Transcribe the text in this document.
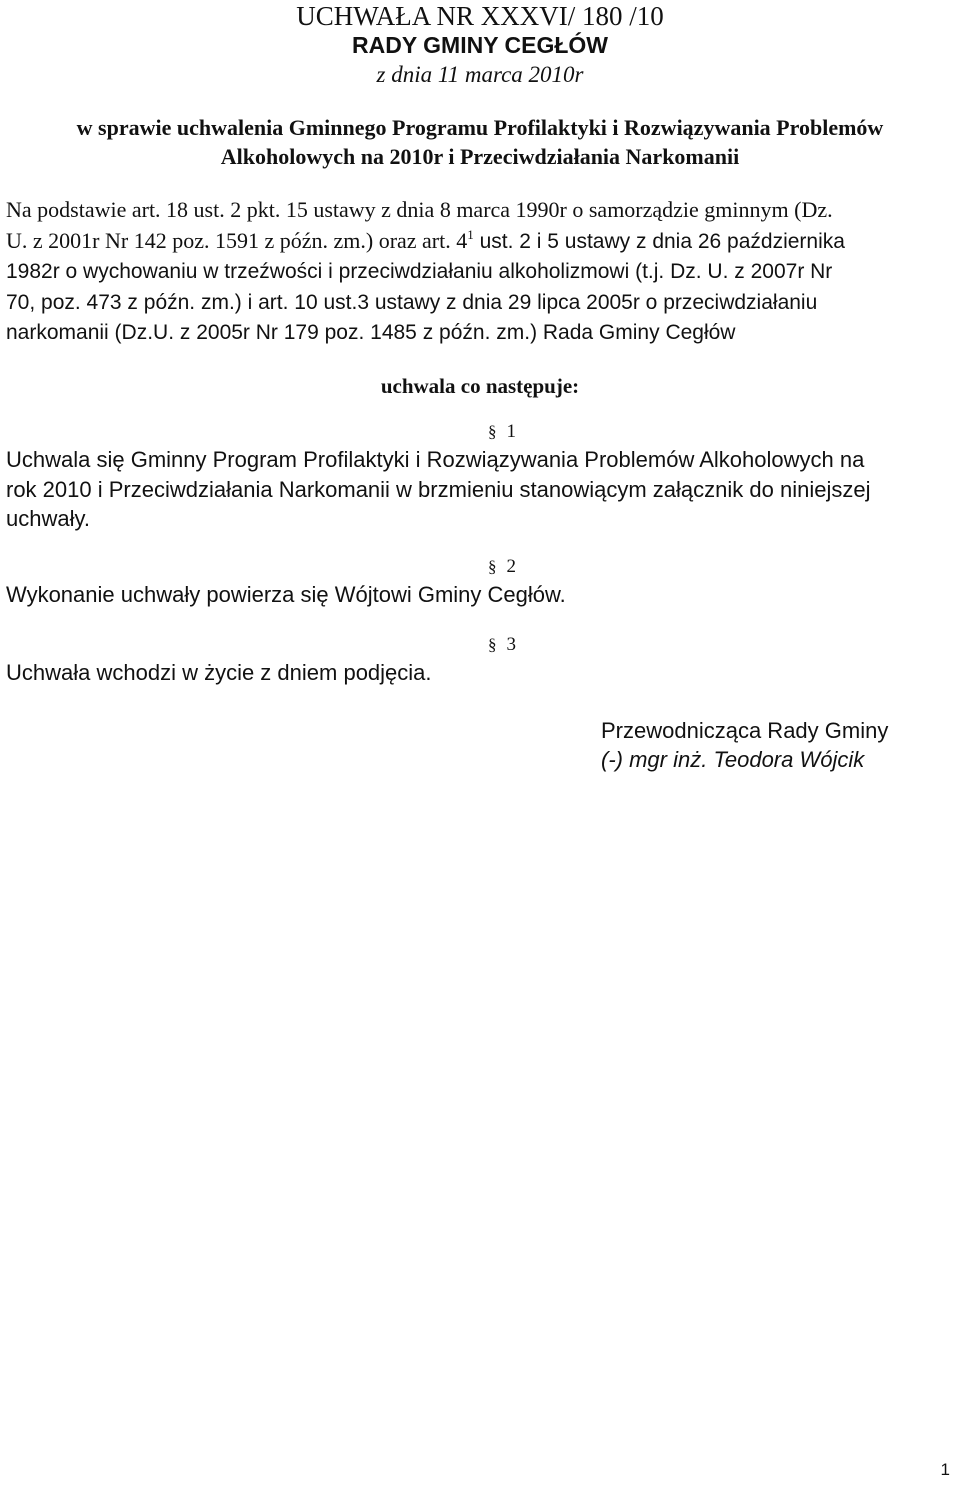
UCHWAŁA NR XXXVI/ 180 /10
RADY GMINY CEGŁÓW
z dnia 11 marca 2010r
w sprawie uchwalenia Gminnego Programu Profilaktyki i Rozwiązywania Problemów
Alkoholowych na 2010r i Przeciwdziałania Narkomanii
Na podstawie art. 18 ust. 2 pkt. 15 ustawy z dnia 8 marca 1990r o samorządzie gminnym (Dz.
U. z 2001r Nr 142 poz. 1591 z późn. zm.) oraz art. $4^1$ ust. 2 i 5 ustawy z dnia 26 października
1982r o wychowaniu w trzeźwości i przeciwdziałaniu alkoholizmowi (t.j. Dz. U. z 2007r Nr
70, poz. 473 z późn. zm.) i art. 10 ust.3 ustawy z dnia 29 lipca 2005r o przeciwdziałaniu
narkomanii (Dz.U. z 2005r Nr 179 poz. 1485 z późn. zm.) Rada Gminy Cegłów
uchwala co następuje:
§ 1
Uchwala się Gminny Program Profilaktyki i Rozwiązywania Problemów Alkoholowych na
rok 2010 i Przeciwdziałania Narkomanii w brzmieniu stanowiącym załącznik do niniejszej
uchwały.
§ 2
Wykonanie uchwały powierza się Wójtowi Gminy Cegłów.
§ 3
Uchwała wchodzi w życie z dniem podjęcia.
Przewodnicząca Rady Gminy
(-) mgr inż. Teodora Wójcik
1
